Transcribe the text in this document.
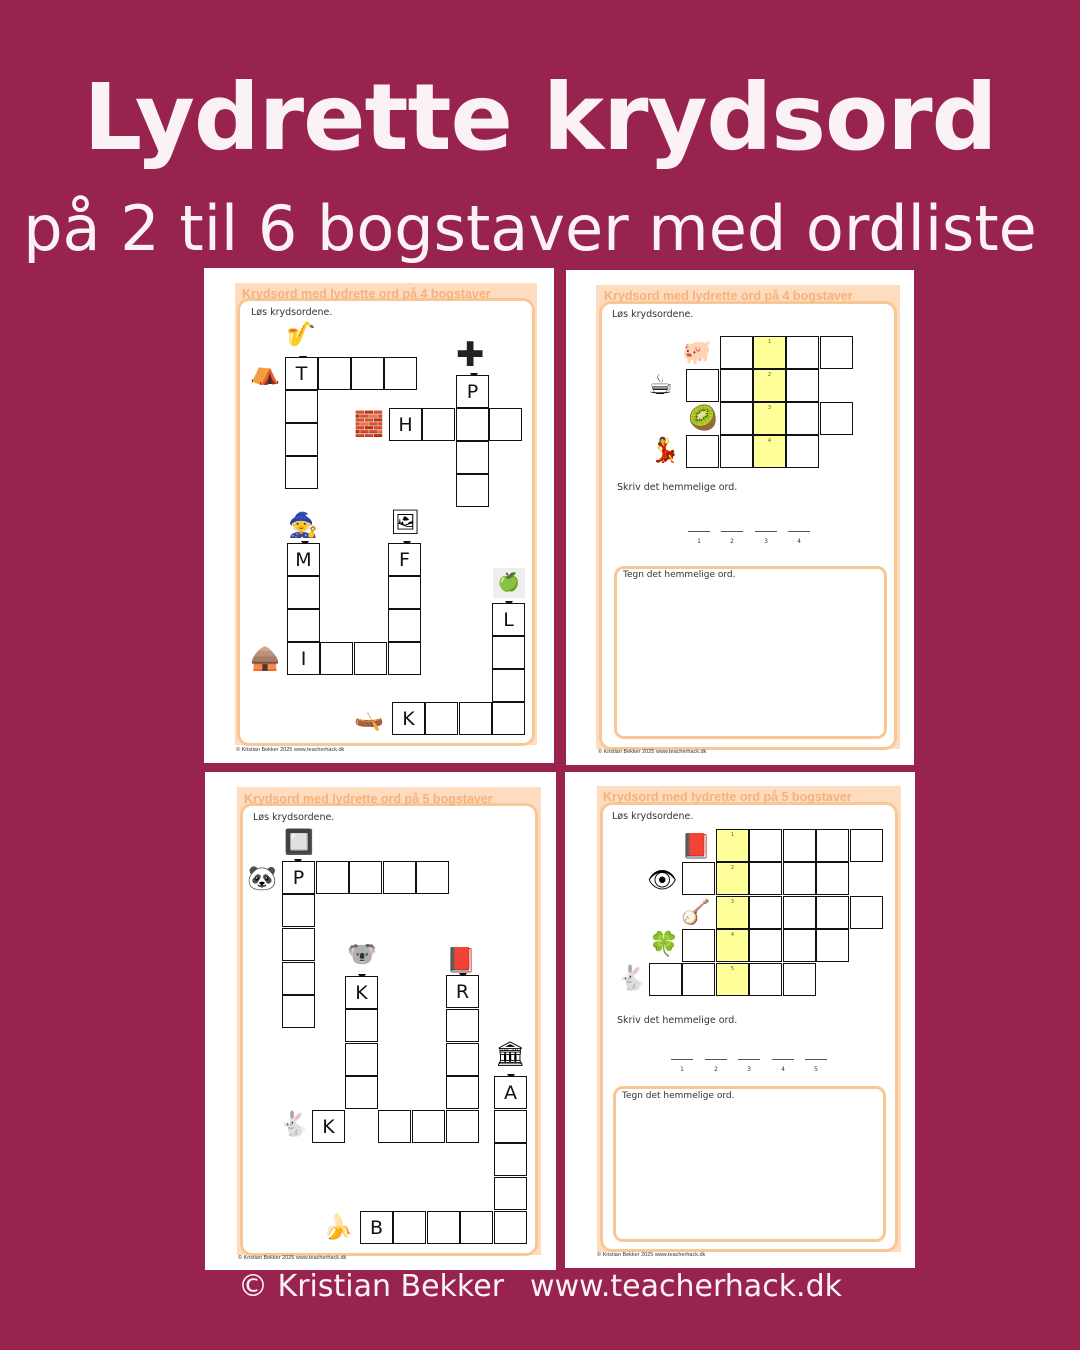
Lydrette krydsord
på 2 til 6 bogstaver med ordliste
Krydsord med lydrette ord på 4 bogstaver
Løs krydsordene.
🎷
⛺ T	✚
P
🧱 H
🧙
M
🖼
F
🛖	I
🍏
L
🛶 K
© Kristian Bekker 2025 www.teacherhack.dk
Krydsord med lydrette ord på 4 bogstaver
Løs krydsordene.
🐖	1
☕	2
🥝	3
💃	4
Skriv det hemmelige ord.
1	2	3	4
Tegn det hemmelige ord.
© Kristian Bekker 2025 www.teacherhack.dk
Krydsord med lydrette ord på 5 bogstaver
Løs krydsordene.
🔲
🐼 P
🐨
K
📕
R
🏛
A
🐇 K
🍌 B
© Kristian Bekker 2025 www.teacherhack.dk
Krydsord med lydrette ord på 5 bogstaver
Løs krydsordene.
📕	1
👁	2
🪕	3
🍀	4
🐇	5
Skriv det hemmelige ord.
1	2	3	4	5
Tegn det hemmelige ord.
© Kristian Bekker 2025 www.teacherhack.dk
© Kristian Bekker www.teacherhack.dk
